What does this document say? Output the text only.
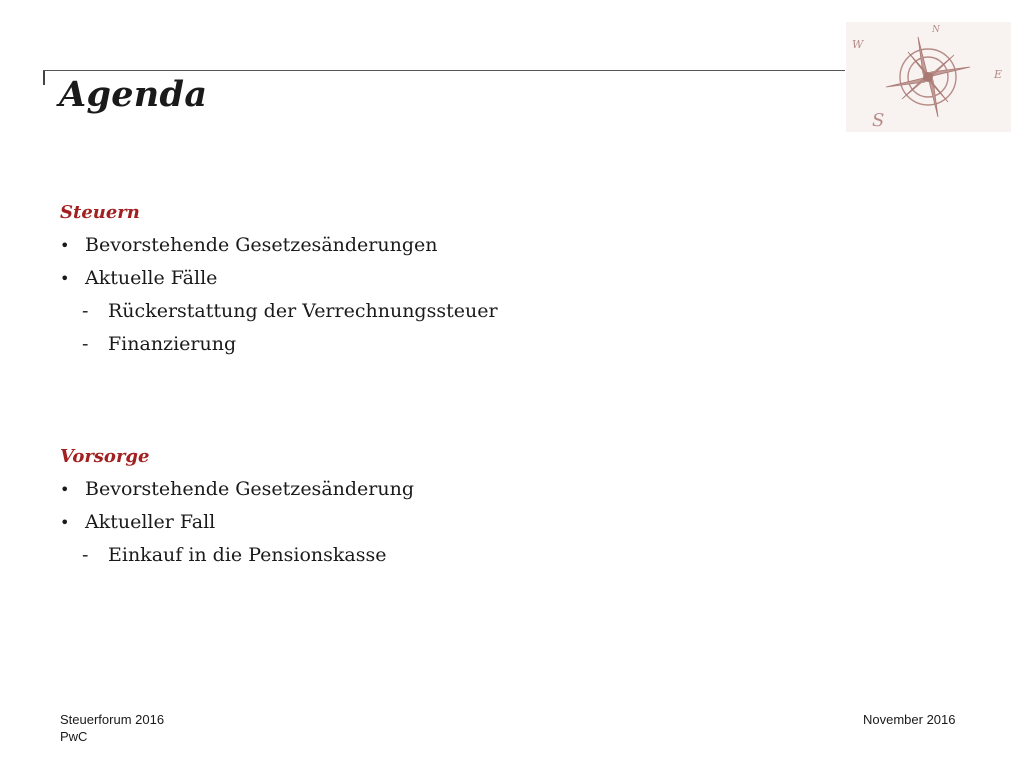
Agenda
W
N
E
S
Steuern
• Bevorstehende Gesetzesänderungen
• Aktuelle Fälle
-	Rückerstattung der Verrechnungssteuer
-	Finanzierung
Vorsorge
• Bevorstehende Gesetzesänderung
• Aktueller Fall
-	Einkauf in die Pensionskasse
Steuerforum 2016
PwC
November 2016
